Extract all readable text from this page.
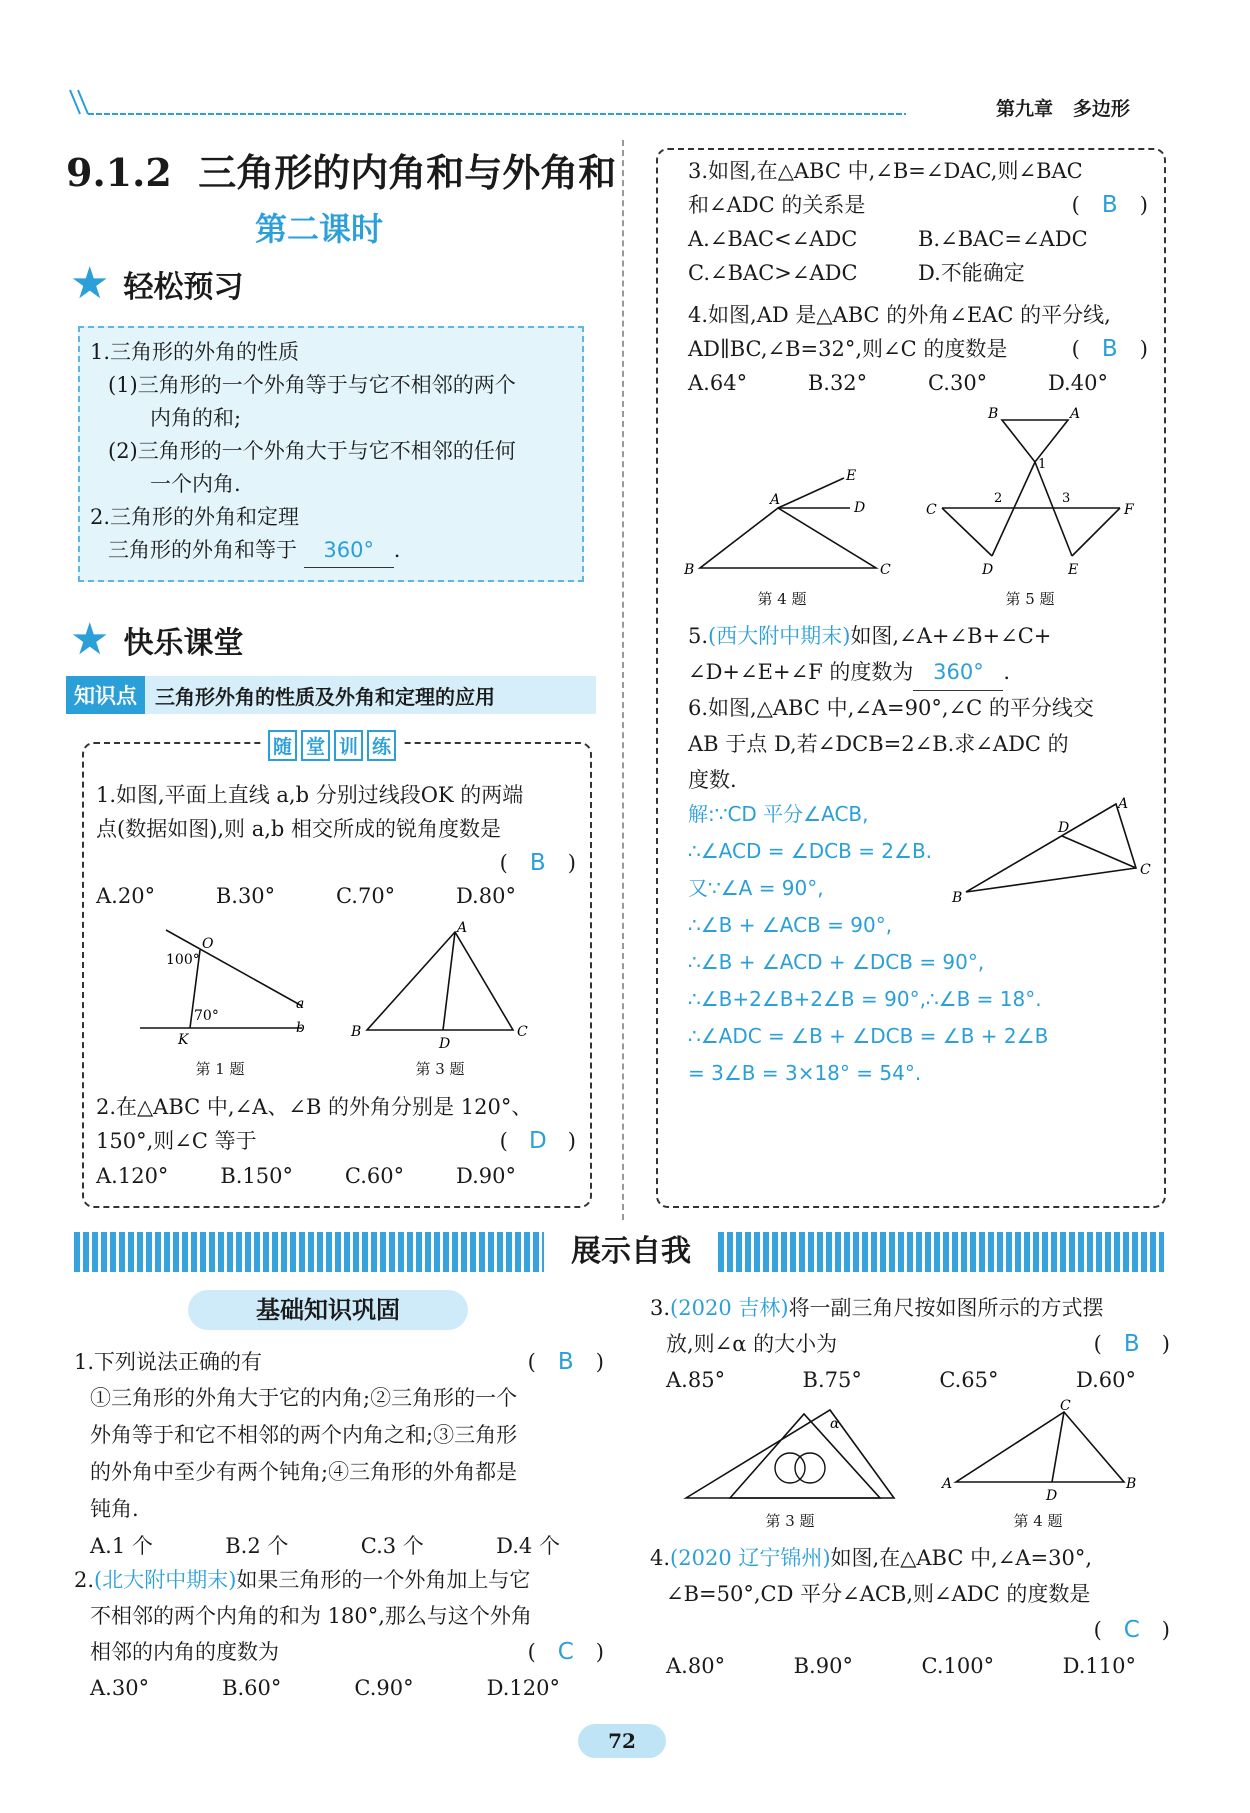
第九章 多边形
9.1.2 三角形的内角和与外角和
第二课时
★ 轻松预习
1.三角形的外角的性质
(1)三角形的一个外角等于与它不相邻的两个
内角的和;
(2)三角形的一个外角大于与它不相邻的任何
一个内角.
2.三角形的外角和定理
三角形的外角和等于 360° .
★ 快乐课堂
知识点 三角形外角的性质及外角和定理的应用
随 堂 训 练
1.如图,平面上直线 a,b 分别过线段OK 的两端
点(数据如图),则 a,b 相交所成的锐角度数是
( B )
A.20°	B.30°	C.70°	D.80°
O
100°
70°
K
a
b
第 1 题
A
B	C
D
第 3 题
2.在△ABC 中,∠A、∠B 的外角分别是 120°、
150°,则∠C 等于	( D )
A.120° B.150° C.60° D.90°
3.如图,在△ABC 中,∠B=∠DAC,则∠BAC
和∠ADC 的关系是	( B )
A.∠BAC<∠ADC	B.∠BAC=∠ADC
C.∠BAC>∠ADC	D.不能确定
4.如图,AD 是△ABC 的外角∠EAC 的平分线,
AD∥BC,∠B=32°,则∠C 的度数是	( B )
A.64°	B.32°	C.30°	D.40°
A
E
D
B	C
第 4 题
B	A
1
2	3
C	F
D	E
第 5 题
5.(西大附中期末)如图,∠A+∠B+∠C+
∠D+∠E+∠F 的度数为 360° .
6.如图,△ABC 中,∠A=90°,∠C 的平分线交
AB 于点 D,若∠DCB=2∠B.求∠ADC 的
度数.
解:∵CD 平分∠ACB,
∴∠ACD = ∠DCB = 2∠B.
又∵∠A = 90°,
∴∠B + ∠ACB = 90°,
∴∠B + ∠ACD + ∠DCB = 90°,
∴∠B+2∠B+2∠B = 90°,∴∠B = 18°.
∴∠ADC = ∠B + ∠DCB = ∠B + 2∠B
= 3∠B = 3×18° = 54°.
A
D
C
B
展示自我
基础知识巩固
1.下列说法正确的有	( B )
①三角形的外角大于它的内角;②三角形的一个
外角等于和它不相邻的两个内角之和;③三角形
的外角中至少有两个钝角;④三角形的外角都是
钝角.
A.1 个	B.2 个	C.3 个	D.4 个
2.(北大附中期末)如果三角形的一个外角加上与它
不相邻的两个内角的和为 180°,那么与这个外角
相邻的内角的度数为	( C )
A.30°	B.60°	C.90°	D.120°
3.(2020 吉林)将一副三角尺按如图所示的方式摆
放,则∠α 的大小为	( B )
A.85°	B.75°	C.65°	D.60°
α
第 3 题
C
A	B
D
第 4 题
4.(2020 辽宁锦州)如图,在△ABC 中,∠A=30°,
∠B=50°,CD 平分∠ACB,则∠ADC 的度数是
( C )
A.80°	B.90°	C.100°	D.110°
72
